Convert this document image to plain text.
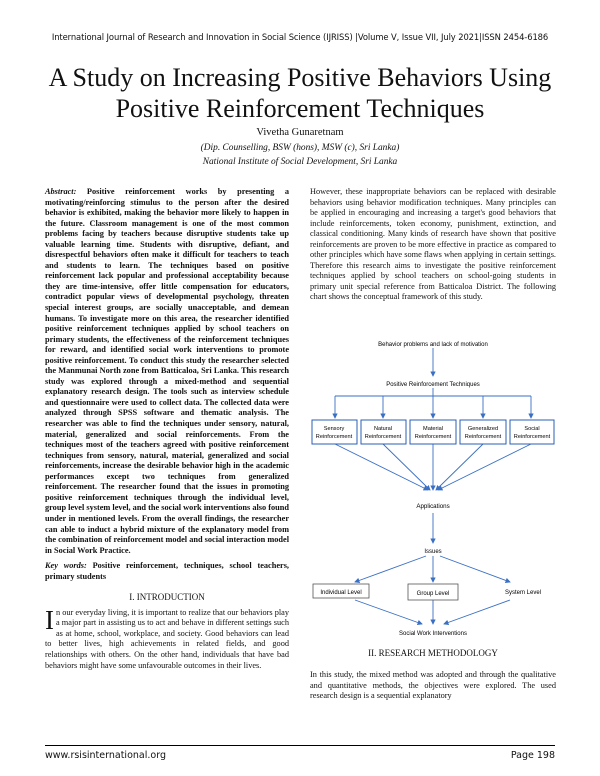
International Journal of Research and Innovation in Social Science (IJRISS) |Volume V, Issue VII, July 2021|ISSN 2454-6186
A Study on Increasing Positive Behaviors Using
Positive Reinforcement Techniques
Vivetha Gunaretnam
(Dip. Counselling, BSW (hons), MSW (c), Sri Lanka)
National Institute of Social Development, Sri Lanka
Abstract: Positive reinforcement works by presenting a motivating/reinforcing stimulus to the person after the desired behavior is exhibited, making the behavior more likely to happen in the future. Classroom management is one of the most common problems facing by teachers because disruptive students take up valuable learning time. Students with disruptive, defiant, and disrespectful behaviors often make it difficult for teachers to teach and students to learn. The techniques based on positive reinforcement lack popular and professional acceptability because they are time-intensive, offer little compensation for educators, contradict popular views of developmental psychology, threaten special interest groups, are socially unacceptable, and demean humans. To investigate more on this area, the researcher identified positive reinforcement techniques applied by school teachers on primary students, the effectiveness of the reinforcement techniques for reward, and identified social work interventions to promote positive reinforcement. To conduct this study the researcher selected the Manmunai North zone from Batticaloa, Sri Lanka. This research study was explored through a mixed-method and sequential explanatory research design. The tools such as interview schedule and questionnaire were used to collect data. The collected data were analyzed through SPSS software and thematic analysis. The researcher was able to find the techniques under sensory, natural, material, generalized and social reinforcements. From the techniques most of the teachers agreed with positive reinforcement techniques from sensory, natural, material, generalized and social reinforcements, increase the desirable behavior high in the academic performances except two techniques from generalized reinforcement. The researcher found that the issues in promoting positive reinforcement techniques through the individual level, group level system level, and the social work interventions also found under in mentioned levels. From the overall findings, the researcher can able to induct a hybrid mixture of the explanatory model from the combination of reinforcement model and social interaction model in Social Work Practice.
Key words: Positive reinforcement, techniques, school teachers, primary students
I. INTRODUCTION
In our everyday living, it is important to realize that our behaviors play a major part in assisting us to act and behave in different settings such as at home, school, workplace, and society. Good behaviors can lead to better lives, high achievements in related fields, and good relationships with others. On the other hand, individuals that have bad behaviors might have some unfavourable outcomes in their lives.
However, these inappropriate behaviors can be replaced with desirable behaviors using behavior modification techniques. Many principles can be applied in encouraging and increasing a target's good behaviors that include reinforcements, token economy, punishment, extinction, and classical conditioning. Many kinds of research have shown that positive reinforcements are proven to be more effective in practice as compared to other principles which have some flaws when applying in certain settings. Therefore this research aims to investigate the positive reinforcement techniques applied by school teachers on school-going students in primary unit special reference from Batticaloa District. The following chart shows the conceptual framework of this study.
Behavior problems and lack of motivation
Positive Reinforcement Techniques
Sensory Reinforcement
Natural Reinforcement
Material Reinforcement
Generalized Reinforcement
Social Reinforcement
Applications
Issues
Individual Level	Group Level	System Level
Social Work Interventions
II. RESEARCH METHODOLOGY
In this study, the mixed method was adopted and through the qualitative and quantitative methods, the objectives were explored. The used research design is a sequential explanatory
www.rsisinternational.org	Page 198
